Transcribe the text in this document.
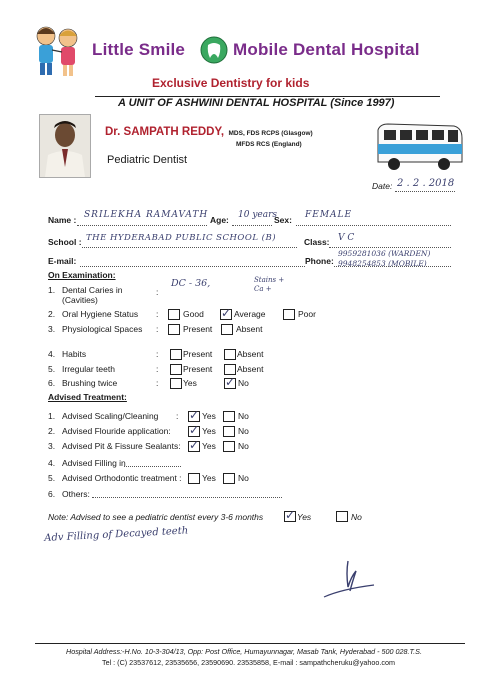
Little Smile	Mobile Dental Hospital
Exclusive Dentistry for kids
A UNIT OF ASHWINI DENTAL HOSPITAL (Since 1997)
Dr. SAMPATH REDDY, MDS, FDS RCPS (Glasgow)
MFDS RCS (England)
Pediatric Dentist
Date: 2 . 2 . 2018
Name : SRILEKHA RAMAVATH Age: 10 years
Sex: FEMALE
School : THE HYDERABAD PUBLIC SCHOOL (B)	Class: V C
E-mail:	Phone:
9959281036 (WARDEN)
9948254853 (MOBILE)
On Examination:
1. Dental Caries in (Cavities)
:
DC - 36,	Stains + Ca +
2. Oral Hygiene Status :	Good ✓ Average	Poor
3. Physiological Spaces	:	Present	Absent
4. Habits	:	Present	Absent
5. Irregular teeth	:	Present	Absent
6. Brushing twice	:	Yes ✓ No
Advised Treatment:
1. Advised Scaling/Cleaning : ✓ Yes	No
2. Advised Flouride application: ✓ Yes	No
3. Advised Pit & Fissure Sealants: ✓ Yes	No
4. Advised Filling in
5. Advised Orthodontic treatment : Yes	No
6. Others:
Note: Advised to see a pediatric dentist every 3-6 months ✓ Yes	No
Adv Filling of Decayed teeth
Hospital Address:-H.No. 10-3-304/13, Opp: Post Office, Humayunnagar, Masab Tank, Hyderabad - 500 028.T.S.
Tel : (C) 23537612, 23535656, 23590690. 23535858, E-mail : sampathcheruku@yahoo.com
